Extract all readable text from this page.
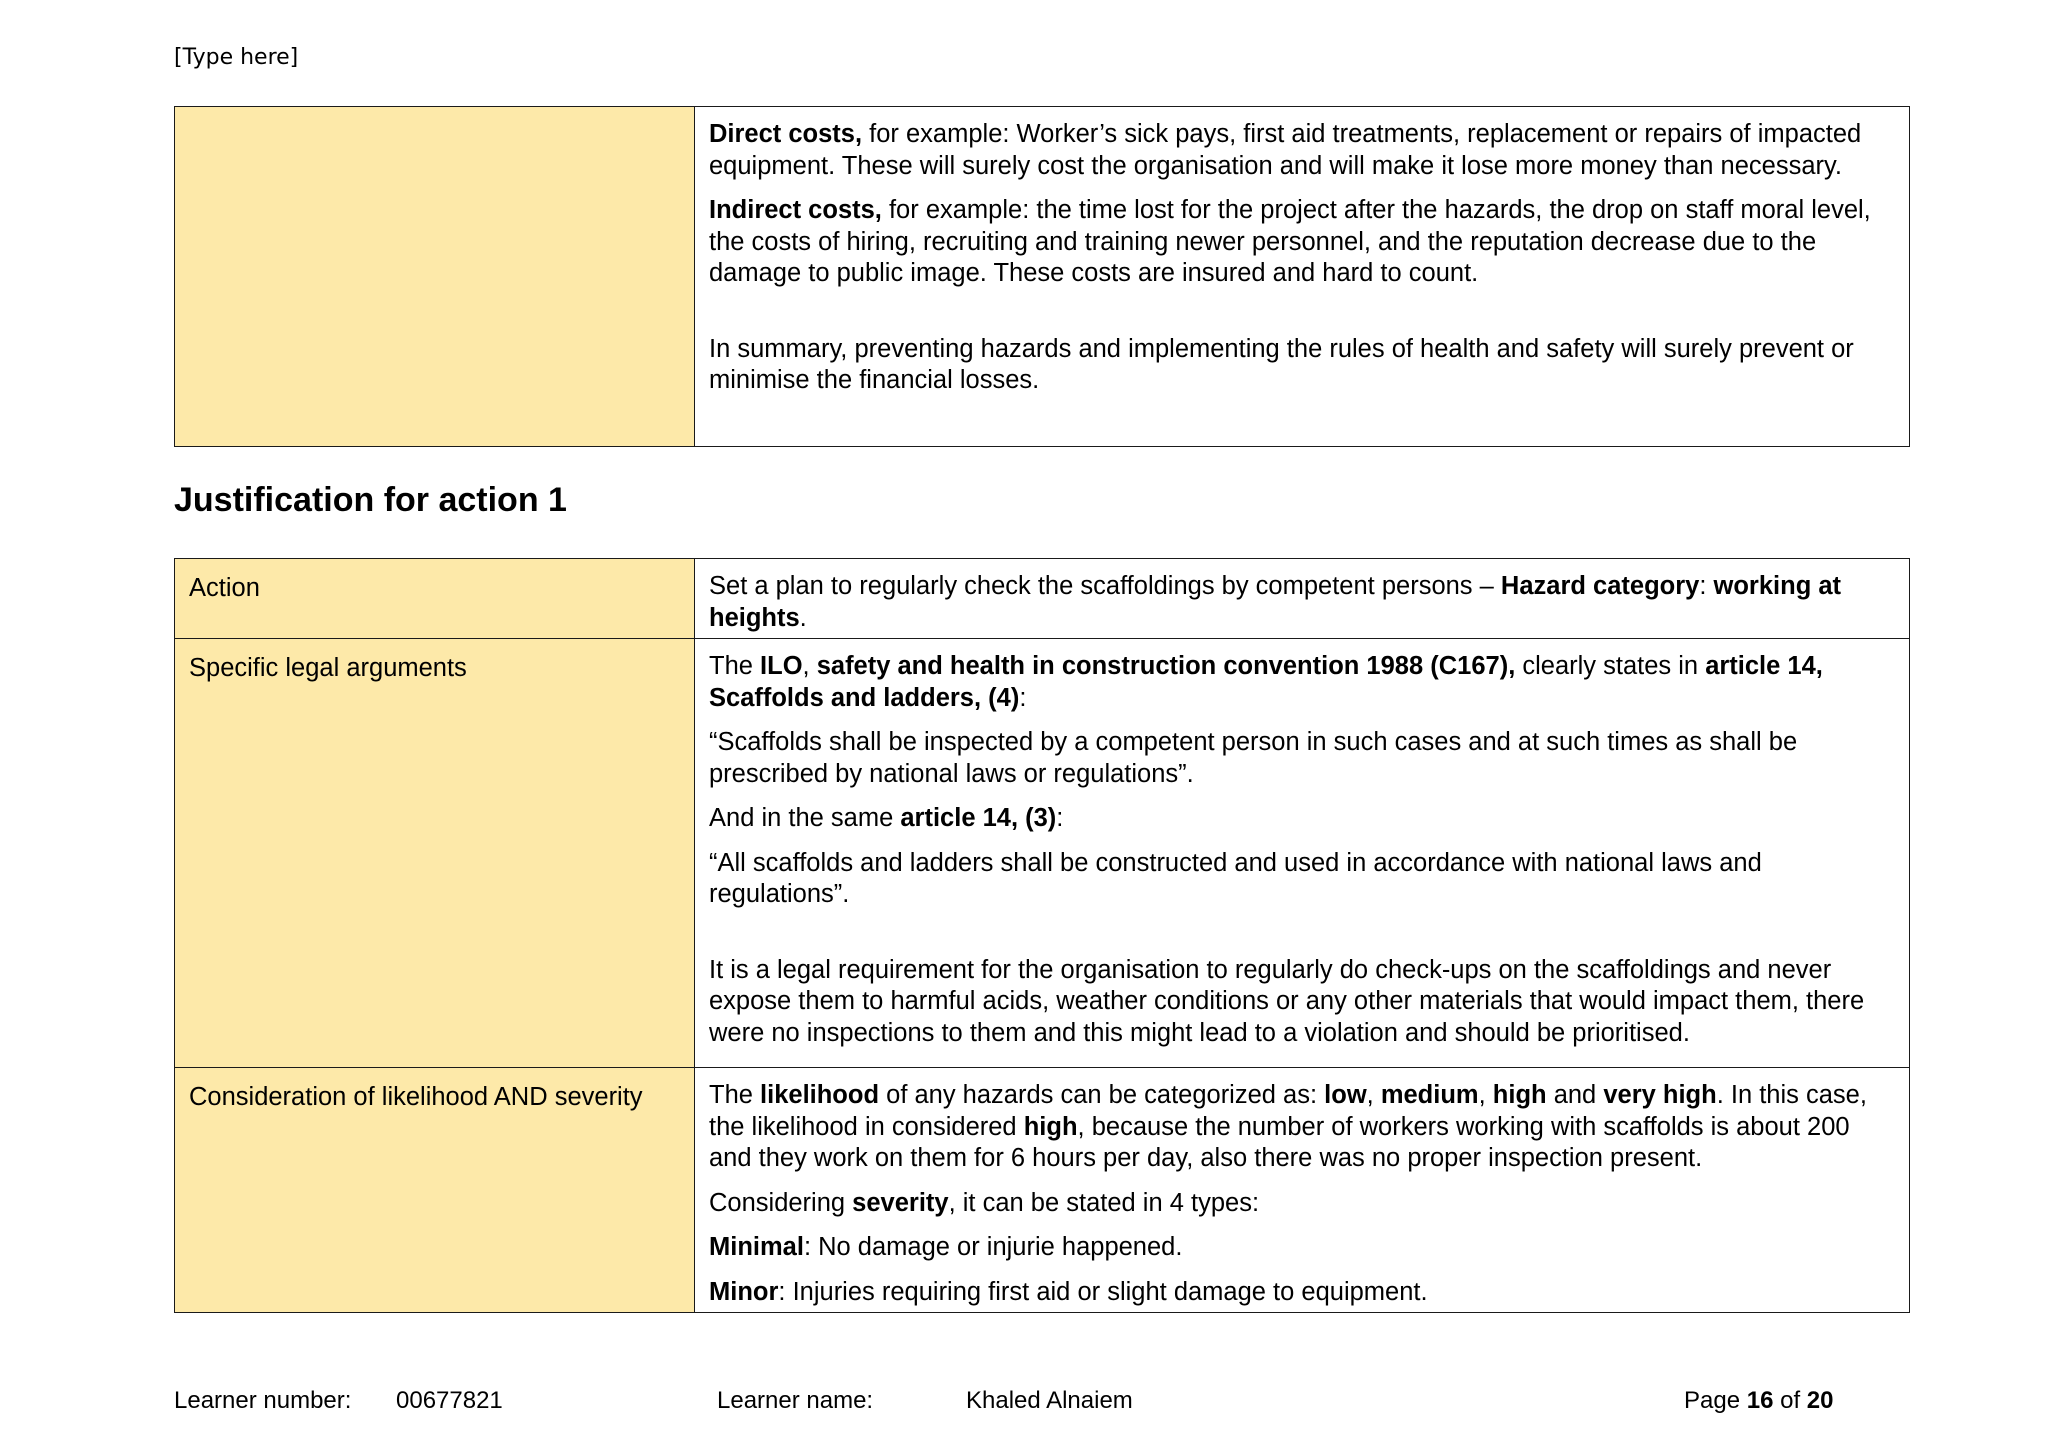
[Type here]

Direct costs, for example: Worker’s sick pays, first aid treatments, replacement or repairs of impacted equipment. These will surely cost the organisation and will make it lose more money than necessary.

Indirect costs, for example: the time lost for the project after the hazards, the drop on staff moral level, the costs of hiring, recruiting and training newer personnel, and the reputation decrease due to the damage to public image. These costs are insured and hard to count.

In summary, preventing hazards and implementing the rules of health and safety will surely prevent or minimise the financial losses.

Justification for action 1
Action	Set a plan to regularly check the scaffoldings by competent persons – Hazard category: working at heights.

Specific legal arguments	The ILO, safety and health in construction convention 1988 (C167), clearly states in article 14, Scaffolds and ladders, (4):

“Scaffolds shall be inspected by a competent person in such cases and at such times as shall be prescribed by national laws or regulations”.

And in the same article 14, (3):

“All scaffolds and ladders shall be constructed and used in accordance with national laws and regulations”.

It is a legal requirement for the organisation to regularly do check-ups on the scaffoldings and never expose them to harmful acids, weather conditions or any other materials that would impact them, there were no inspections to them and this might lead to a violation and should be prioritised.

Consideration of likelihood AND severity	The likelihood of any hazards can be categorized as: low, medium, high and very high. In this case, the likelihood in considered high, because the number of workers working with scaffolds is about 200 and they work on them for 6 hours per day, also there was no proper inspection present.

Considering severity, it can be stated in 4 types:

Minimal: No damage or injurie happened.

Minor: Injuries requiring first aid or slight damage to equipment.

Learner number: 00677821	Learner name:	Khaled Alnaiem	Page 16 of 20
